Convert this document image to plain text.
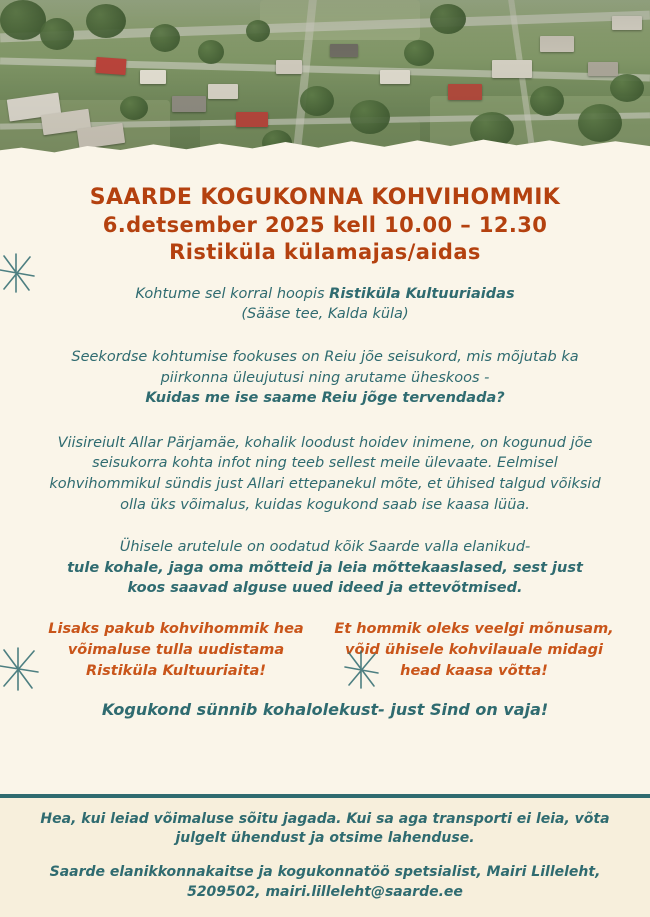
SAARDE KOGUKONNA KOHVIHOMMIK
6.detsember 2025 kell 10.00 – 12.30
Ristiküla külamajas/aidas

Kohtume sel korral hoopis Ristiküla Kultuuriaidas
(Sääse tee, Kalda küla)

Seekordse kohtumise fookuses on Reiu jõe seisukord, mis mõjutab ka piirkonna üleujutusi ning arutame üheskoos -
Kuidas me ise saame Reiu jõge tervendada?

Viisireiult Allar Pärjamäe, kohalik loodust hoidev inimene, on kogunud jõe seisukorra kohta infot ning teeb sellest meile ülevaate. Eelmisel kohvihommikul sündis just Allari ettepanekul mõte, et ühised talgud võiksid olla üks võimalus, kuidas kogukond saab ise kaasa lüüa.

Ühisele arutelule on oodatud kõik Saarde valla elanikud-
tule kohale, jaga oma mõtteid ja leia mõttekaaslased, sest just koos saavad alguse uued ideed ja ettevõtmised.

Lisaks pakub kohvihommik hea võimaluse tulla uudistama Ristiküla Kultuuriaita!
Et hommik oleks veelgi mõnusam, võid ühisele kohvilauale midagi head kaasa võtta!
Kogukond sünnib kohalolekust- just Sind on vaja!
Hea, kui leiad võimaluse sõitu jagada. Kui sa aga transporti ei leia, võta julgelt ühendust ja otsime lahenduse.
Saarde elanikkonnakaitse ja kogukonnatöö spetsialist, Mairi Lilleleht,
5209502, mairi.lilleleht@saarde.ee
